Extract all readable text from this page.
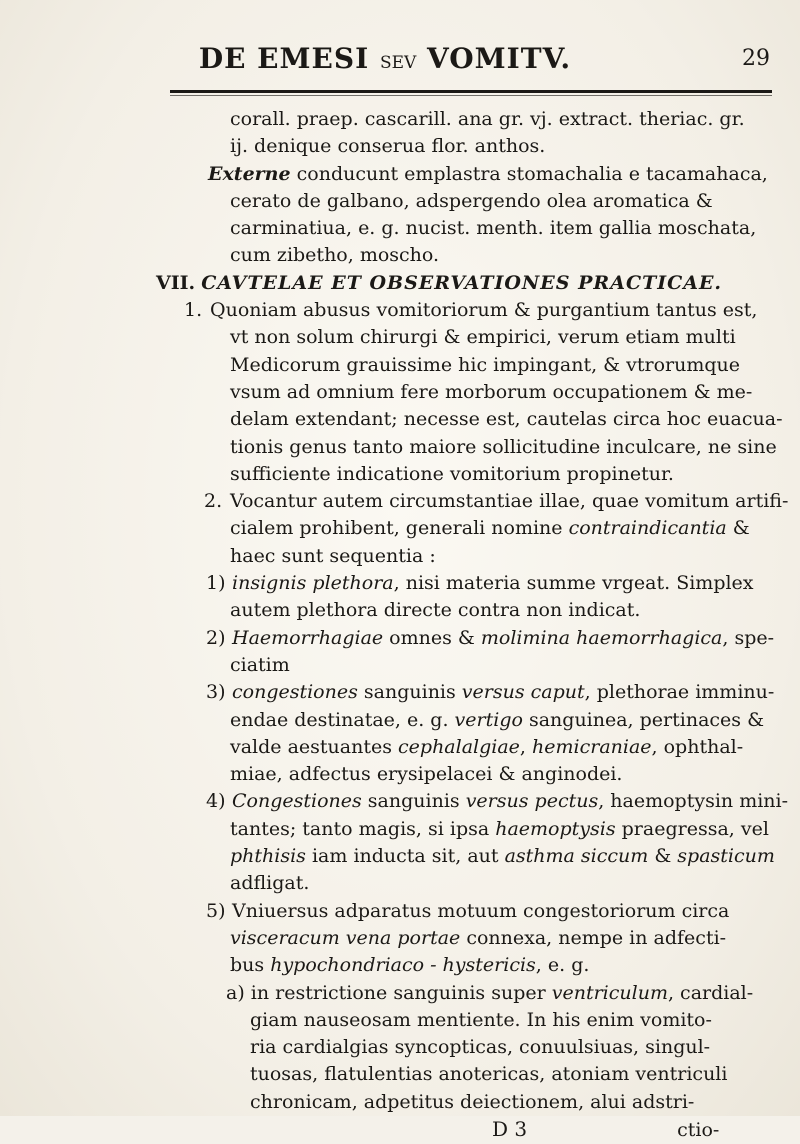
DE EMESI SEV VOMITV.	29
corall. praep. cascarill. ana gr. vj. extract. theriac. gr.
ij. denique conserua flor. anthos.
Externe conducunt emplastra stomachalia e tacamahaca,
cerato de galbano, adspergendo olea aromatica &
carminatiua, e. g. nucist. menth. item gallia moschata,
cum zibetho, moscho.
VII. CAVTELAE ET OBSERVATIONES PRACTICAE.
1. Quoniam abusus vomitoriorum & purgantium tantus est,
vt non solum chirurgi & empirici, verum etiam multi
Medicorum grauissime hic impingant, & vtrorumque
vsum ad omnium fere morborum occupationem & me-
delam extendant; necesse est, cautelas circa hoc euacua-
tionis genus tanto maiore sollicitudine inculcare, ne sine
sufficiente indicatione vomitorium propinetur.
2. Vocantur autem circumstantiae illae, quae vomitum artifi-
cialem prohibent, generali nomine contraindicantia &
haec sunt sequentia :
1) insignis plethora, nisi materia summe vrgeat. Simplex
autem plethora directe contra non indicat.
2) Haemorrhagiae omnes & molimina haemorrhagica, spe-
ciatim
3) congestiones sanguinis versus caput, plethorae imminu-
endae destinatae, e. g. vertigo sanguinea, pertinaces &
valde aestuantes cephalalgiae, hemicraniae, ophthal-
miae, adfectus erysipelacei & anginodei.
4) Congestiones sanguinis versus pectus, haemoptysin mini-
tantes; tanto magis, si ipsa haemoptysis praegressa, vel
phthisis iam inducta sit, aut asthma siccum & spasticum
adfligat.
5) Vniuersus adparatus motuum congestoriorum circa
visceracum vena portae connexa, nempe in adfecti-
bus hypochondriaco - hystericis, e. g.
a) in restrictione sanguinis super ventriculum, cardial-
giam nauseosam mentiente. In his enim vomito-
ria cardialgias syncopticas, conuulsiuas, singul-
tuosas, flatulentias anotericas, atoniam ventriculi
chronicam, adpetitus deiectionem, alui adstri-
D 3	ctio-
